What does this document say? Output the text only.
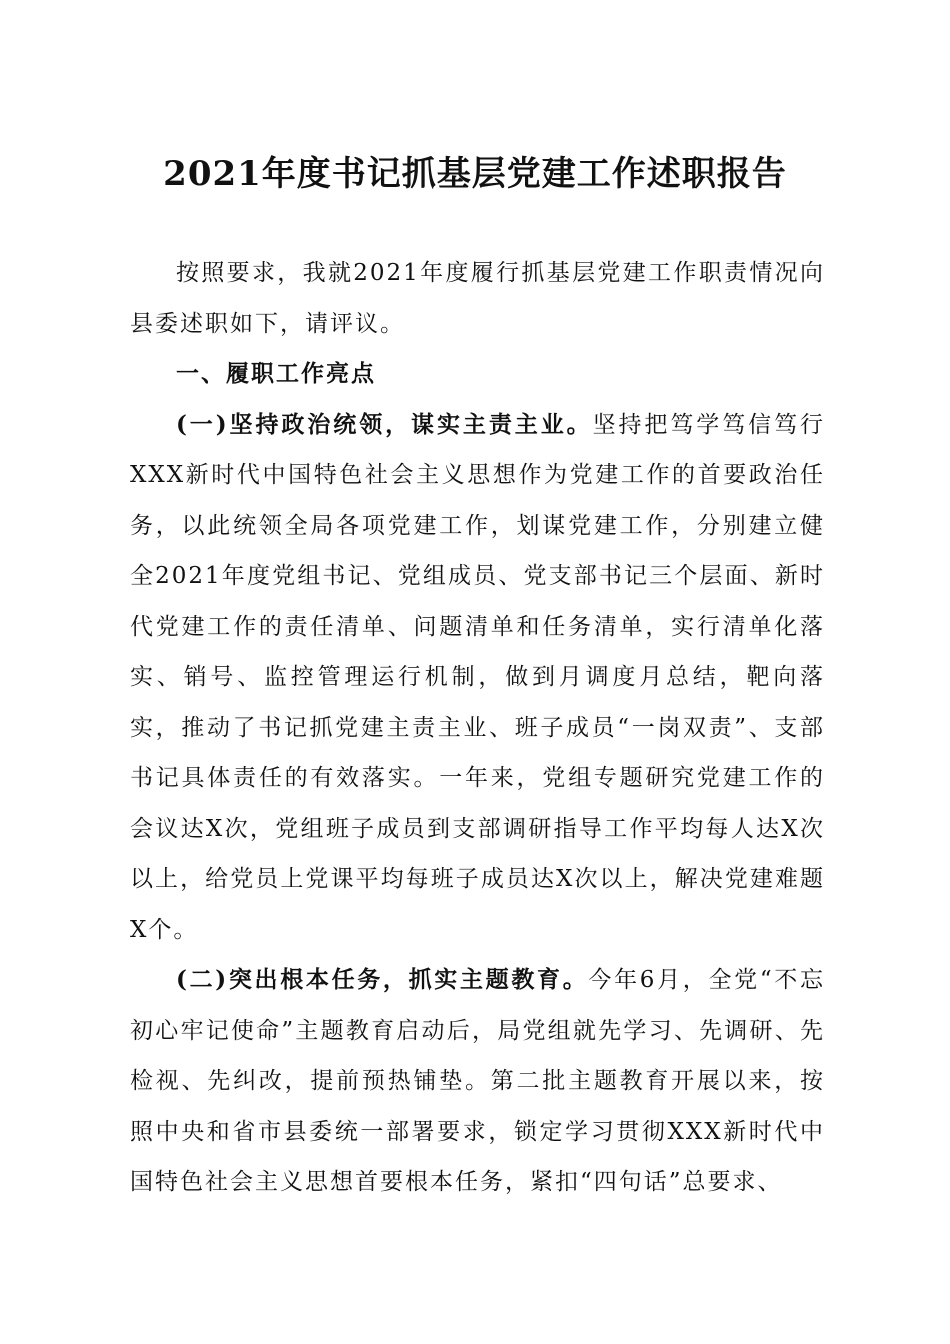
2021年度书记抓基层党建工作述职报告

按照要求，我就2021年度履行抓基层党建工作职责情况向县委述职如下，请评议。

一、履职工作亮点

(一)坚持政治统领，谋实主责主业。坚持把笃学笃信笃行XXX新时代中国特色社会主义思想作为党建工作的首要政治任务，以此统领全局各项党建工作，划谋党建工作，分别建立健全2021年度党组书记、党组成员、党支部书记三个层面、新时代党建工作的责任清单、问题清单和任务清单，实行清单化落实、销号、监控管理运行机制，做到月调度月总结，靶向落实，推动了书记抓党建主责主业、班子成员“一岗双责”、支部书记具体责任的有效落实。一年来，党组专题研究党建工作的会议达X次，党组班子成员到支部调研指导工作平均每人达X次以上，给党员上党课平均每班子成员达X次以上，解决党建难题X个。

(二)突出根本任务，抓实主题教育。今年6月，全党“不忘初心牢记使命”主题教育启动后，局党组就先学习、先调研、先检视、先纠改，提前预热铺垫。第二批主题教育开展以来，按照中央和省市县委统一部署要求，锁定学习贯彻XXX新时代中国特色社会主义思想首要根本任务，紧扣“四句话”总要求、
